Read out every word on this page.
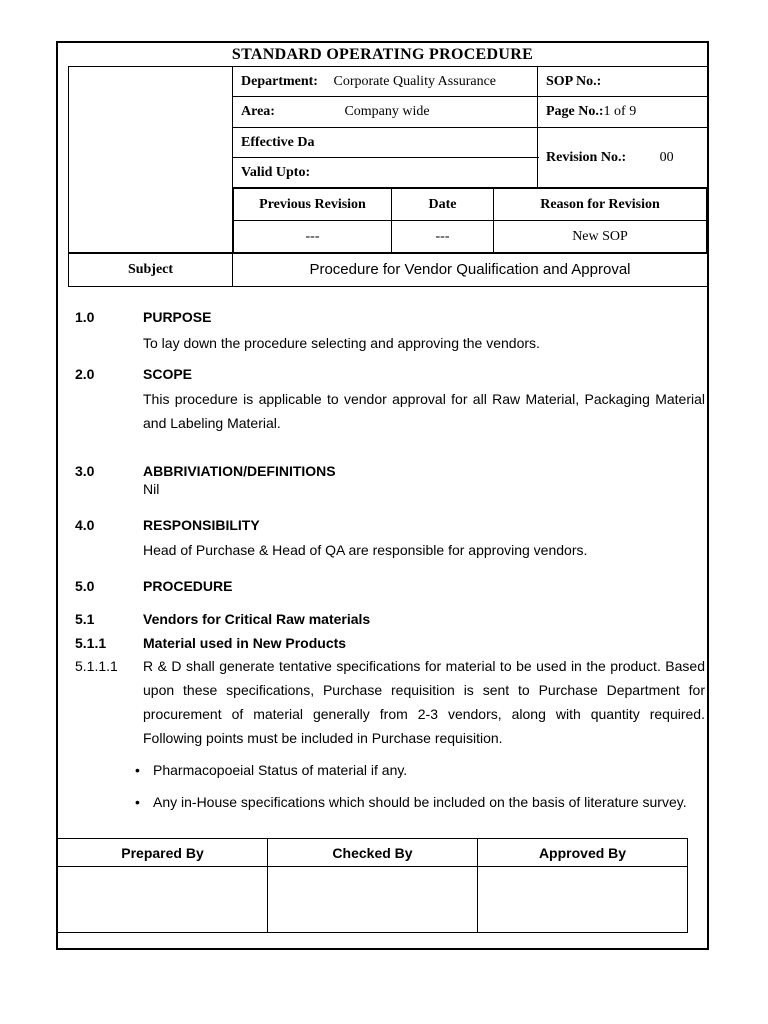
STANDARD OPERATING PROCEDURE
	Department: Corporate Quality Assurance	SOP No.:
Area:	Company wide	Page No.:1 of 9
Effective Da	Revision No.: 00
Valid Upto:

Previous Revision	Date	Reason for Revision
---	---	New SOP
Subject	Procedure for Vendor Qualification and Approval
1.0	PURPOSE
To lay down the procedure selecting and approving the vendors.
2.0	SCOPE
This procedure is applicable to vendor approval for all Raw Material, Packaging Material and Labeling Material.
3.0	ABBRIVIATION/DEFINITIONS
Nil
4.0	RESPONSIBILITY
Head of Purchase & Head of QA are responsible for approving vendors.
5.0	PROCEDURE
5.1	Vendors for Critical Raw materials
5.1.1	Material used in New Products
5.1.1.1 R & D shall generate tentative specifications for material to be used in the product. Based upon these specifications, Purchase requisition is sent to Purchase Department for procurement of material generally from 2-3 vendors, along with quantity required. Following points must be included in Purchase requisition.
• Pharmacopoeial Status of material if any.
• Any in-House specifications which should be included on the basis of literature survey.
Prepared By	Checked By	Approved By
